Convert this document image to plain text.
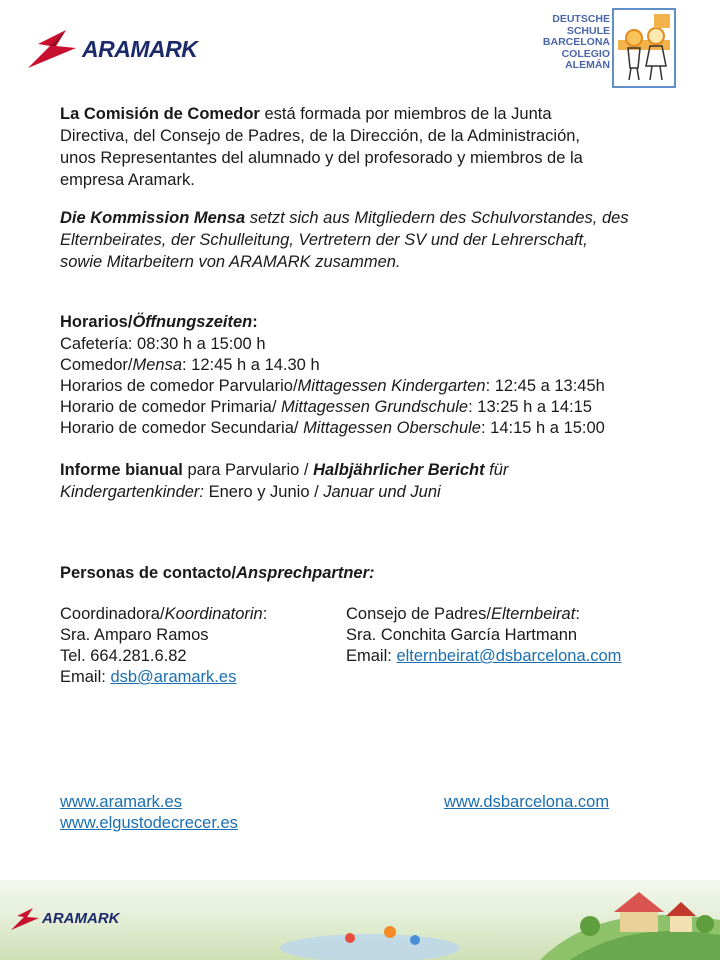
ARAMARK
DEUTSCHE
SCHULE
BARCELONA
COLEGIO
ALEMÁN
La Comisión de Comedor está formada por miembros de la Junta
Directiva, del Consejo de Padres, de la Dirección, de la Administración,
unos Representantes del alumnado y del profesorado y miembros de la
empresa Aramark.
Die Kommission Mensa setzt sich aus Mitgliedern des Schulvorstandes, des
Elternbeirates, der Schulleitung, Vertretern der SV und der Lehrerschaft,
sowie Mitarbeitern von ARAMARK zusammen.
Horarios/Öffnungszeiten:
Cafetería: 08:30 h a 15:00 h
Comedor/Mensa: 12:45 h a 14.30 h
Horarios de comedor Parvulario/Mittagessen Kindergarten: 12:45 a 13:45h
Horario de comedor Primaria/ Mittagessen Grundschule: 13:25 h a 14:15
Horario de comedor Secundaria/ Mittagessen Oberschule: 14:15 h a 15:00
Informe bianual para Parvulario / Halbjährlicher Bericht für
Kindergartenkinder: Enero y Junio / Januar und Juni
Personas de contacto/Ansprechpartner:
Coordinadora/Koordinatorin:
Sra. Amparo Ramos
Tel. 664.281.6.82
Email: dsb@aramark.es
Consejo de Padres/Elternbeirat:
Sra. Conchita García Hartmann
Email: elternbeirat@dsbarcelona.com
www.aramark.es	www.dsbarcelona.com
www.elgustodecrecer.es
ARAMARK
